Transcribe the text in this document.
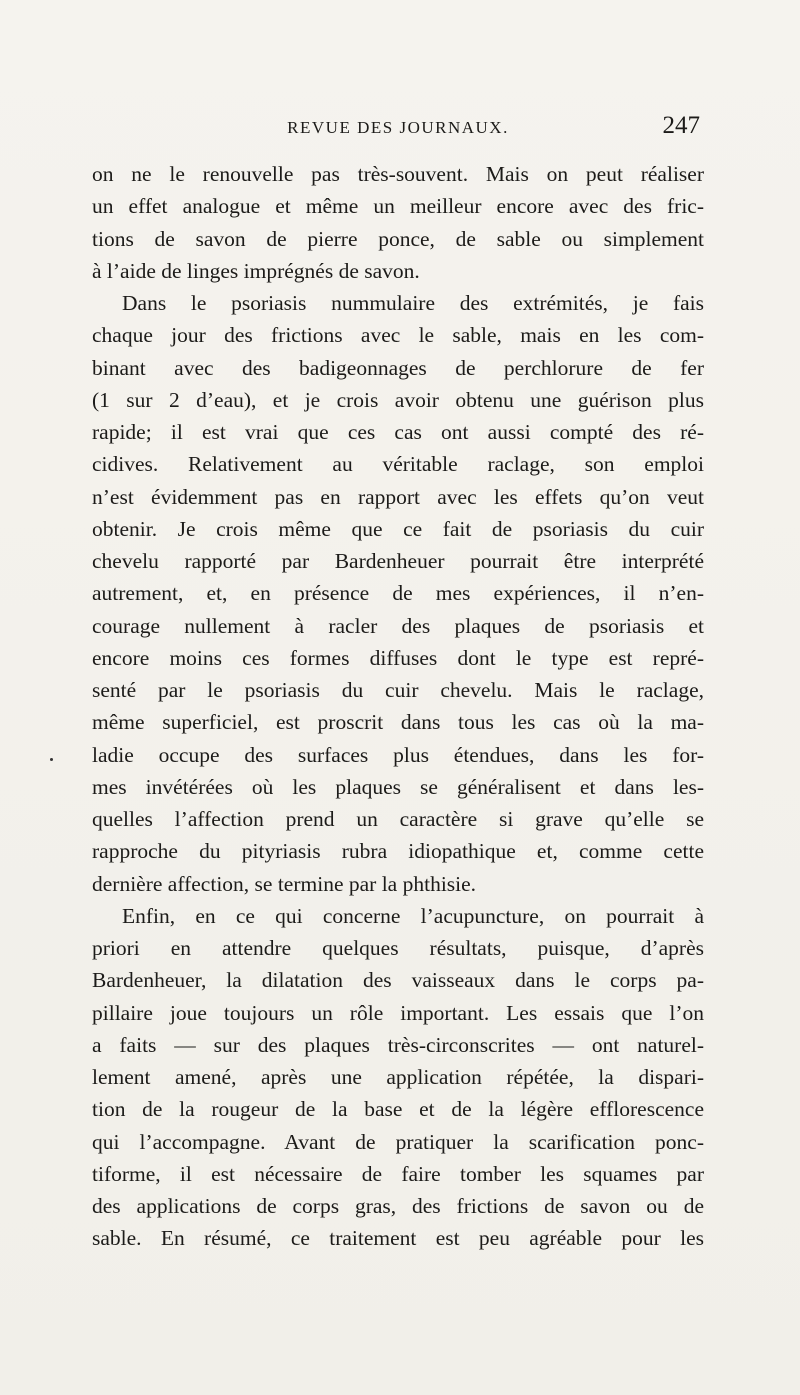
REVUE DES JOURNAUX.	247
on ne le renouvelle pas très-souvent. Mais on peut réaliser
un effet analogue et même un meilleur encore avec des fric-
tions de savon de pierre ponce, de sable ou simplement
à l’aide de linges imprégnés de savon.
Dans le psoriasis nummulaire des extrémités, je fais
chaque jour des frictions avec le sable, mais en les com-
binant avec des badigeonnages de perchlorure de fer
(1 sur 2 d’eau), et je crois avoir obtenu une guérison plus
rapide; il est vrai que ces cas ont aussi compté des ré-
cidives. Relativement au véritable raclage, son emploi
n’est évidemment pas en rapport avec les effets qu’on veut
obtenir. Je crois même que ce fait de psoriasis du cuir
chevelu rapporté par Bardenheuer pourrait être interprété
autrement, et, en présence de mes expériences, il n’en-
courage nullement à racler des plaques de psoriasis et
encore moins ces formes diffuses dont le type est repré-
senté par le psoriasis du cuir chevelu. Mais le raclage,
même superficiel, est proscrit dans tous les cas où la ma-
ladie occupe des surfaces plus étendues, dans les for-
mes invétérées où les plaques se généralisent et dans les-
quelles l’affection prend un caractère si grave qu’elle se
rapproche du pityriasis rubra idiopathique et, comme cette
dernière affection, se termine par la phthisie.
Enfin, en ce qui concerne l’acupuncture, on pourrait à
priori en attendre quelques résultats, puisque, d’après
Bardenheuer, la dilatation des vaisseaux dans le corps pa-
pillaire joue toujours un rôle important. Les essais que l’on
a faits — sur des plaques très-circonscrites — ont naturel-
lement amené, après une application répétée, la dispari-
tion de la rougeur de la base et de la légère efflorescence
qui l’accompagne. Avant de pratiquer la scarification ponc-
tiforme, il est nécessaire de faire tomber les squames par
des applications de corps gras, des frictions de savon ou de
sable. En résumé, ce traitement est peu agréable pour les
